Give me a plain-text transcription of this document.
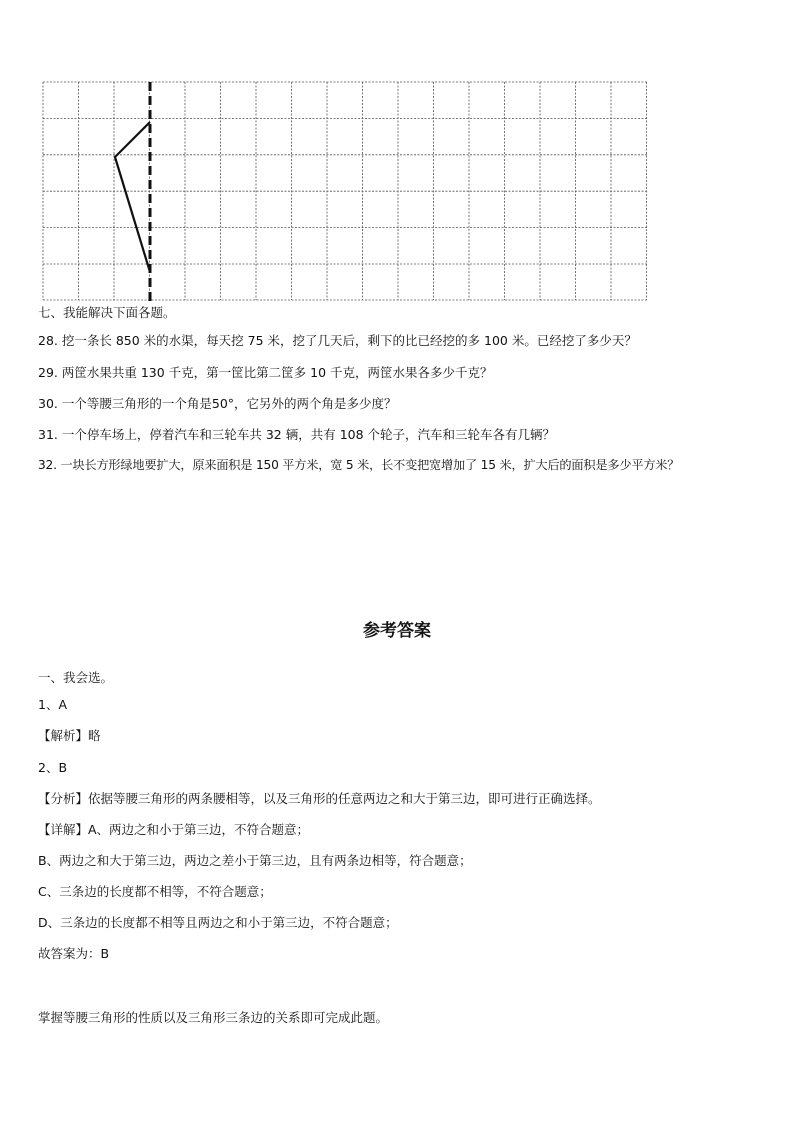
七、我能解决下面各题。
28. 挖一条长 850 米的水渠，每天挖 75 米，挖了几天后，剩下的比已经挖的多 100 米。已经挖了多少天？
29. 两筐水果共重 130 千克，第一筐比第二筐多 10 千克，两筐水果各多少千克？
30. 一个等腰三角形的一个角是50°，它另外的两个角是多少度？
31. 一个停车场上，停着汽车和三轮车共 32 辆，共有 108 个轮子，汽车和三轮车各有几辆？
32. 一块长方形绿地要扩大，原来面积是 150 平方米，宽 5 米，长不变把宽增加了 15 米，扩大后的面积是多少平方米？
参考答案
一、我会选。
1、A
【解析】略
2、B
【分析】依据等腰三角形的两条腰相等，以及三角形的任意两边之和大于第三边，即可进行正确选择。
【详解】A、两边之和小于第三边，不符合题意；
B、两边之和大于第三边，两边之差小于第三边，且有两条边相等，符合题意；
C、三条边的长度都不相等，不符合题意；
D、三条边的长度都不相等且两边之和小于第三边，不符合题意；
故答案为：B
掌握等腰三角形的性质以及三角形三条边的关系即可完成此题。
